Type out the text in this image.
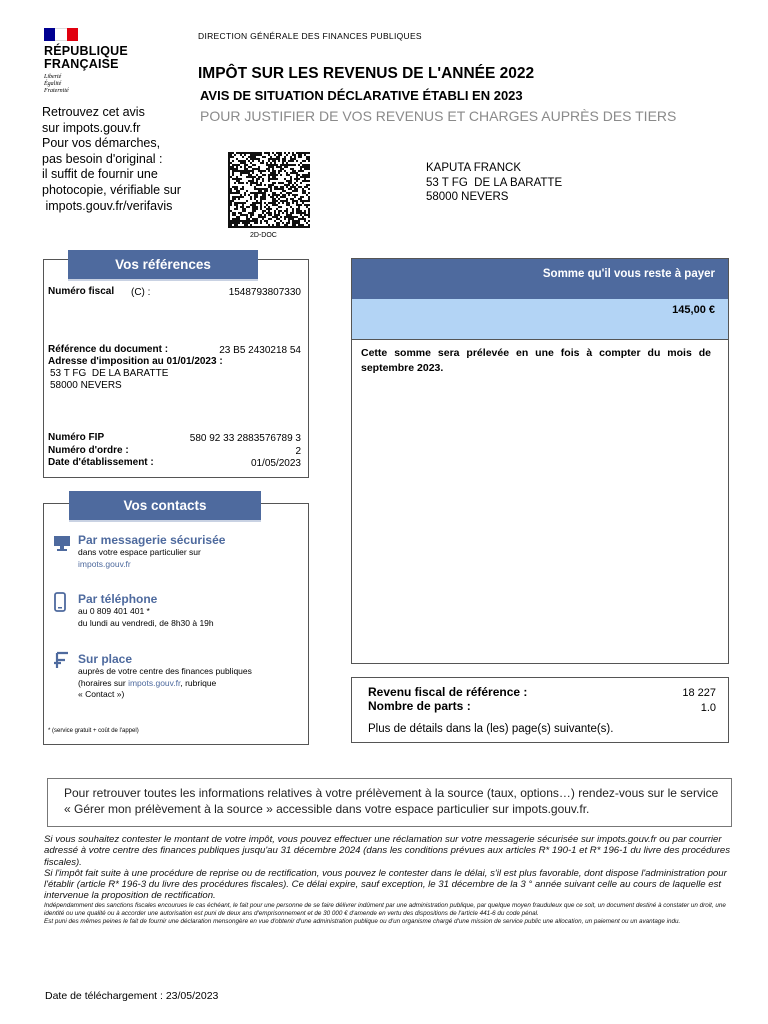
RÉPUBLIQUE
FRANÇAISE
Liberté
Égalité
Fraternité
DIRECTION GÉNÉRALE DES FINANCES PUBLIQUES
IMPÔT SUR LES REVENUS DE L'ANNÉE 2022
AVIS DE SITUATION DÉCLARATIVE ÉTABLI EN 2023
POUR JUSTIFIER DE VOS REVENUS ET CHARGES AUPRÈS DES TIERS
Retrouvez cet avis
sur impots.gouv.fr
Pour vos démarches,
pas besoin d'original :
il suffit de fournir une
photocopie, vérifiable sur
impots.gouv.fr/verifavis
2D-DOC
KAPUTA FRANCK
53 T FG  DE LA BARATTE
58000 NEVERS
Vos références
Numéro fiscal (C) :	1548793807330
Référence du document :	23 B5 2430218 54
Adresse d'imposition au 01/01/2023 :
53 T FG  DE LA BARATTE
58000 NEVERS
Numéro FIP	580 92 33 2883576789 3
Numéro d'ordre :	2
Date d'établissement :	01/05/2023
Vos contacts
Par messagerie sécurisée
dans votre espace particulier sur
impots.gouv.fr
Par téléphone
au 0 809 401 401 *
du lundi au vendredi, de 8h30 à 19h
Sur place
auprès de votre centre des finances publiques
(horaires sur impots.gouv.fr, rubrique
« Contact »)
* (service gratuit + coût de l'appel)
Somme qu'il vous reste à payer
145,00 €
Cette somme sera prélevée en une fois à compter du mois de septembre 2023.
Revenu fiscal de référence :	18 227
Nombre de parts :	1.0
Plus de détails dans la (les) page(s) suivante(s).
Pour retrouver toutes les informations relatives à votre prélèvement à la source (taux, options…) rendez-vous sur le service « Gérer mon prélèvement à la source » accessible dans votre espace particulier sur impots.gouv.fr.

Si vous souhaitez contester le montant de votre impôt, vous pouvez effectuer une réclamation sur votre messagerie sécurisée sur impots.gouv.fr ou par courrier adressé à votre centre des finances publiques jusqu'au 31 décembre 2024 (dans les conditions prévues aux articles R* 190-1 et R* 196-1 du livre des procédures fiscales).

Si l'impôt fait suite à une procédure de reprise ou de rectification, vous pouvez le contester dans le délai, s'il est plus favorable, dont dispose l'administration pour l'établir (article R* 196-3 du livre des procédures fiscales). Ce délai expire, sauf exception, le 31 décembre de la 3 ° année suivant celle au cours de laquelle est intervenue la proposition de rectification.

Indépendamment des sanctions fiscales encourues le cas échéant, le fait pour une personne de se faire délivrer indûment par une administration publique, par quelque moyen frauduleux que ce soit, un document destiné à constater un droit, une identité ou une qualité ou à accorder une autorisation est puni de deux ans d'emprisonnement et de 30 000 € d'amende en vertu des dispositions de l'article 441-6 du code pénal.

Est puni des mêmes peines le fait de fournir une déclaration mensongère en vue d'obtenir d'une administration publique ou d'un organisme chargé d'une mission de service public une allocation, un paiement ou un avantage indu.

Date de téléchargement : 23/05/2023
